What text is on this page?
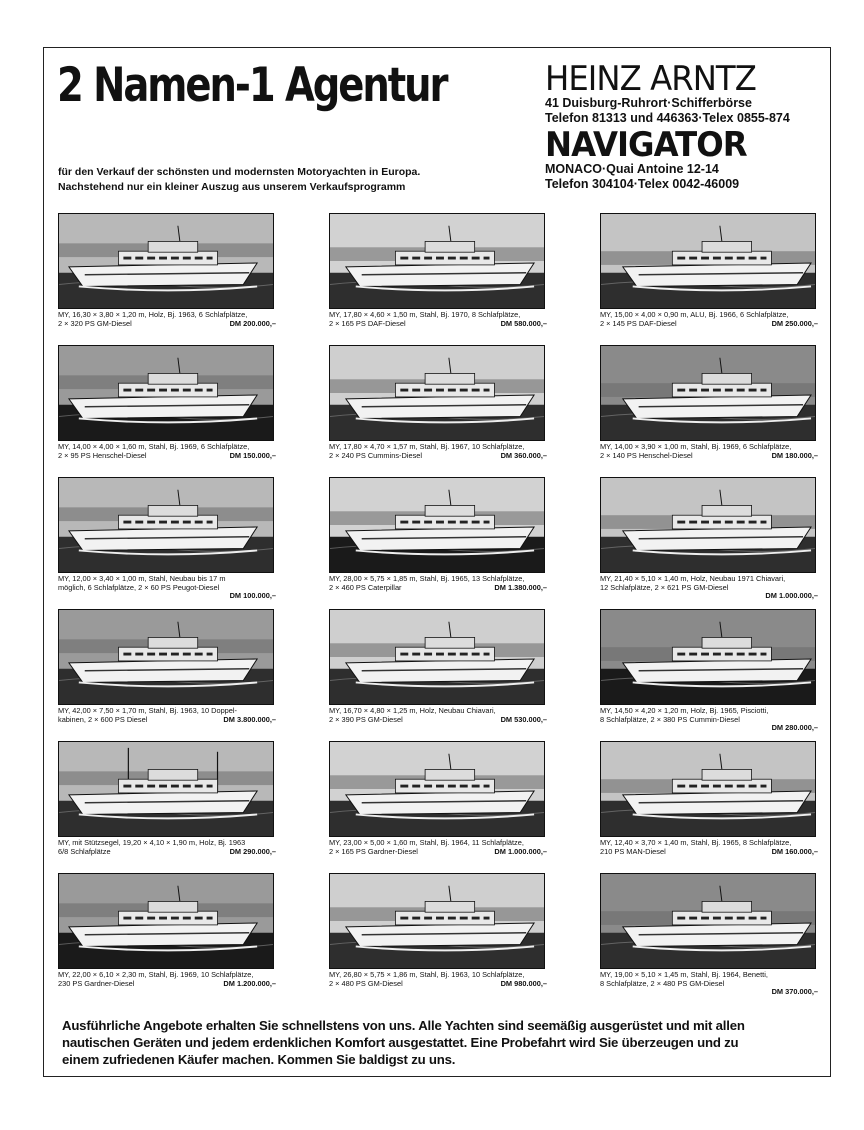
2 Namen-1 Agentur	HEINZ ARNTZ
41 Duisburg-Ruhrort·Schifferbörse
Telefon 81313 und 446363·Telex 0855-874
NAVIGATOR
MONACO·Quai Antoine 12-14
Telefon 304104·Telex 0042-46009
für den Verkauf der schönsten und modernsten Motoryachten in Europa.
Nachstehend nur ein kleiner Auszug aus unserem Verkaufsprogramm
MY, 16,30 × 3,80 × 1,20 m, Holz, Bj. 1963, 6 Schlafplätze,
2 × 320 PS GM-Diesel	DM 200.000,–
MY, 17,80 × 4,60 × 1,50 m, Stahl, Bj. 1970, 8 Schlafplätze,
2 × 165 PS DAF-Diesel	DM 580.000,–
MY, 15,00 × 4,00 × 0,90 m, ALU, Bj. 1966, 6 Schlafplätze,
2 × 145 PS DAF-Diesel	DM 250.000,–
MY, 14,00 × 4,00 × 1,60 m, Stahl, Bj. 1969, 6 Schlafplätze,
2 × 95 PS Henschel-Diesel	DM 150.000,–
MY, 17,80 × 4,70 × 1,57 m, Stahl, Bj. 1967, 10 Schlafplätze,
2 × 240 PS Cummins-Diesel	DM 360.000,–
MY, 14,00 × 3,90 × 1,00 m, Stahl, Bj. 1969, 6 Schlafplätze,
2 × 140 PS Henschel-Diesel	DM 180.000,–
MY, 12,00 × 3,40 × 1,00 m, Stahl, Neubau bis 17 m
möglich, 6 Schlafplätze, 2 × 60 PS Peugot-Diesel
DM 100.000,–
MY, 28,00 × 5,75 × 1,85 m, Stahl, Bj. 1965, 13 Schlafplätze,
2 × 460 PS Caterpillar	DM 1.380.000,–
MY, 21,40 × 5,10 × 1,40 m, Holz, Neubau 1971 Chiavari,
12 Schlafplätze, 2 × 621 PS GM-Diesel
DM 1.000.000,–
MY, 42,00 × 7,50 × 1,70 m, Stahl, Bj. 1963, 10 Doppel-
kabinen, 2 × 600 PS Diesel	DM 3.800.000,–
MY, 16,70 × 4,80 × 1,25 m, Holz, Neubau Chiavari,
2 × 390 PS GM-Diesel	DM 530.000,–
MY, 14,50 × 4,20 × 1,20 m, Holz, Bj. 1965, Pisciotti,
8 Schlafplätze, 2 × 380 PS Cummin-Diesel
DM 280.000,–
MY, mit Stützsegel, 19,20 × 4,10 × 1,90 m, Holz, Bj. 1963
6/8 Schlafplätze	DM 290.000,–
MY, 23,00 × 5,00 × 1,60 m, Stahl, Bj. 1964, 11 Schlafplätze,
2 × 165 PS Gardner-Diesel	DM 1.000.000,–
MY, 12,40 × 3,70 × 1,40 m, Stahl, Bj. 1965, 8 Schlafplätze,
210 PS MAN-Diesel	DM 160.000,–
MY, 22,00 × 6,10 × 2,30 m, Stahl, Bj. 1969, 10 Schlafplätze,
230 PS Gardner-Diesel	DM 1.200.000,–
MY, 26,80 × 5,75 × 1,86 m, Stahl, Bj. 1963, 10 Schlafplätze,
2 × 480 PS GM-Diesel	DM 980.000,–
MY, 19,00 × 5,10 × 1,45 m, Stahl, Bj. 1964, Benetti,
8 Schlafplätze, 2 × 480 PS GM-Diesel
DM 370.000,–
Ausführliche Angebote erhalten Sie schnellstens von uns. Alle Yachten sind seemäßig ausgerüstet und mit allen
nautischen Geräten und jedem erdenklichen Komfort ausgestattet. Eine Probefahrt wird Sie überzeugen und zu
einem zufriedenen Käufer machen. Kommen Sie baldigst zu uns.
